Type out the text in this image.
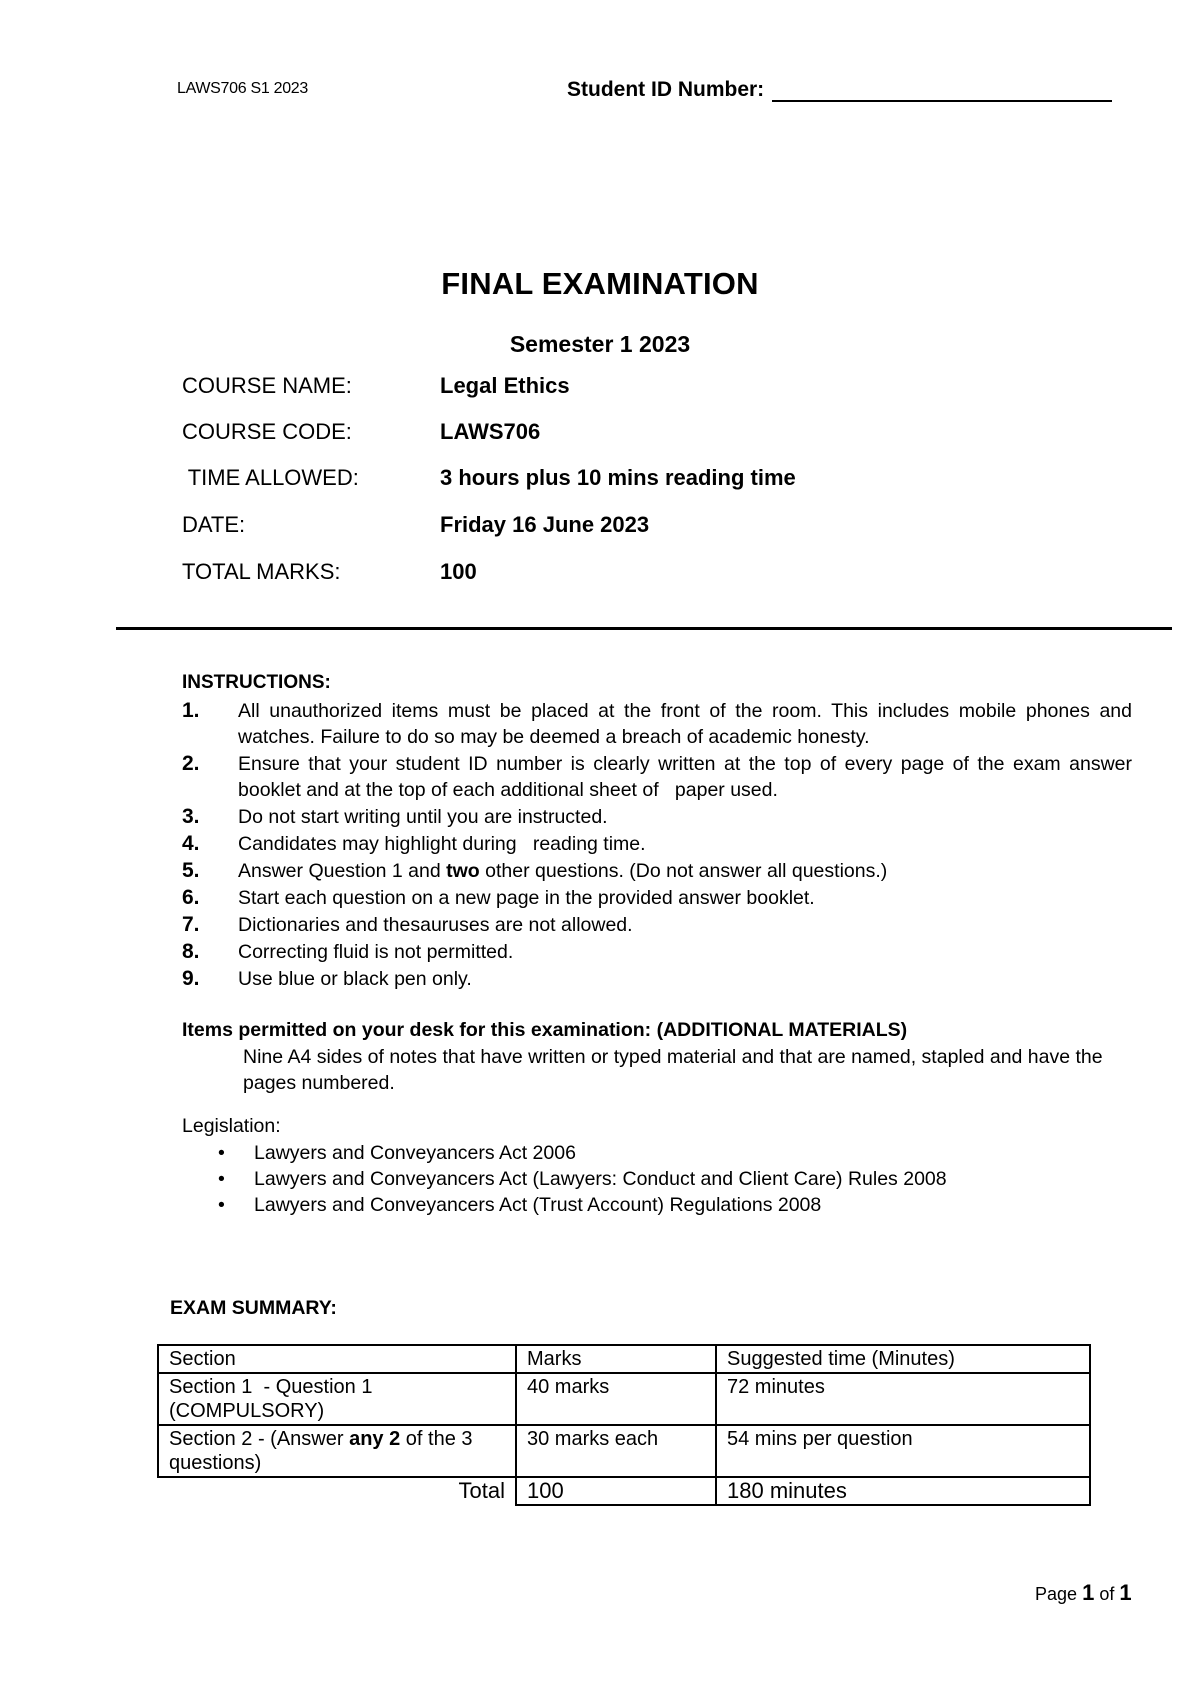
LAWS706 S1 2023	Student ID Number:
FINAL EXAMINATION
Semester 1 2023
COURSE NAME:	Legal Ethics
COURSE CODE:	LAWS706
TIME ALLOWED:	3 hours plus 10 mins reading time
DATE:	Friday 16 June 2023
TOTAL MARKS:	100
INSTRUCTIONS:
1.	All unauthorized items must be placed at the front of the room. This includes mobile phones and watches. Failure to do so may be deemed a breach of academic honesty.
2.	Ensure that your student ID number is clearly written at the top of every page of the exam answer booklet and at the top of each additional sheet of   paper used.
3.	Do not start writing until you are instructed.
4.	Candidates may highlight during   reading time.
5.	Answer Question 1 and two other questions. (Do not answer all questions.)
6.	Start each question on a new page in the provided answer booklet.
7.	Dictionaries and thesauruses are not allowed.
8.	Correcting fluid is not permitted.
9.	Use blue or black pen only.
Items permitted on your desk for this examination: (ADDITIONAL MATERIALS)
Nine A4 sides of notes that have written or typed material and that are named, stapled and have the pages numbered.
Legislation:
•	Lawyers and Conveyancers Act 2006
•	Lawyers and Conveyancers Act (Lawyers: Conduct and Client Care) Rules 2008
•	Lawyers and Conveyancers Act (Trust Account) Regulations 2008
EXAM SUMMARY:
Section	Marks	Suggested time (Minutes)
Section 1  - Question 1 (COMPULSORY)	40 marks	72 minutes
Section 2 - (Answer any 2 of the 3 questions)	30 marks each	54 mins per question
Total	100	180 minutes
Page 1 of 1
